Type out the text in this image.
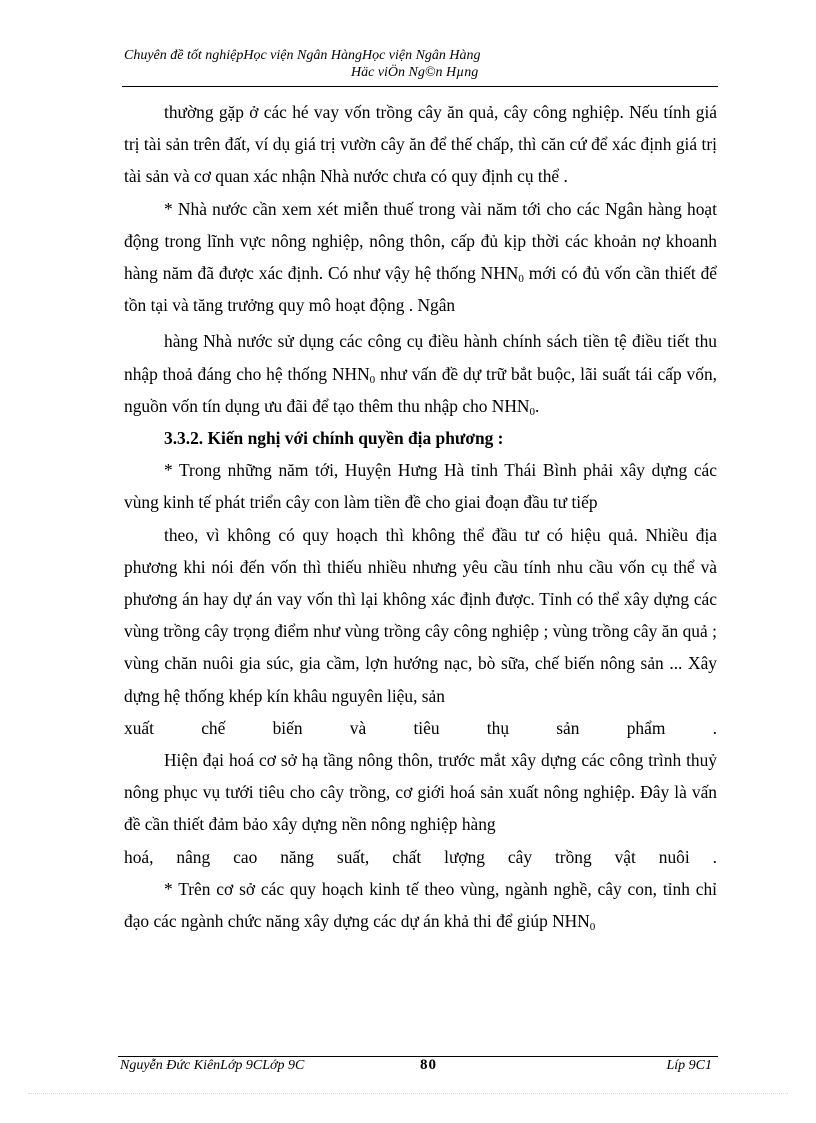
Chuyên đề tốt nghiệpHọc viện Ngân HàngHọc viện Ngân Hàng
Häc viÖn Ng©n Hµng

thường gặp ở các hé vay vốn trồng cây ăn quả, cây công nghiệp. Nếu tính giá trị tài sản trên đất, ví dụ giá trị vườn cây ăn để thế chấp, thì căn cứ để xác định giá trị tài sản và cơ quan xác nhận Nhà nước chưa có quy định cụ thể .

* Nhà nước cần xem xét miễn thuế trong vài năm tới cho các Ngân hàng hoạt động trong lĩnh vực nông nghiệp, nông thôn, cấp đủ kịp thời các khoản nợ khoanh hàng năm đã được xác định. Có như vậy hệ thống $NHN_0$ mới có đủ vốn cần thiết để tồn tại và tăng trưởng quy mô hoạt động . Ngân

hàng Nhà nước sử dụng các công cụ điều hành chính sách tiền tệ điều tiết thu nhập thoả đáng cho hệ thống $NHN_0$ như vấn đề dự trữ bắt buộc, lãi suất tái cấp vốn, nguồn vốn tín dụng ưu đãi để tạo thêm thu nhập cho $NHN_0$.

3.3.2. Kiến nghị với chính quyền địa phương :

* Trong những năm tới, Huyện Hưng Hà tỉnh Thái Bình phải xây dựng các vùng kinh tế phát triển cây con làm tiền đề cho giai đoạn đầu tư tiếp

theo, vì không có quy hoạch thì không thể đầu tư có hiệu quả. Nhiều địa phương khi nói đến vốn thì thiếu nhiều nhưng yêu cầu tính nhu cầu vốn cụ thể và phương án hay dự án vay vốn thì lại không xác định được. Tỉnh có thể xây dựng các vùng trồng cây trọng điểm như vùng trồng cây công nghiệp ; vùng trồng cây ăn quả ; vùng chăn nuôi gia súc, gia cầm, lợn hướng nạc, bò sữa, chế biến nông sản ... Xây dựng hệ thống khép kín khâu nguyên liệu, sản

xuất	chế	biến	và	tiêu	thụ	sản	phẩm	.

Hiện đại hoá cơ sở hạ tầng nông thôn, trước mắt xây dựng các công trình thuỷ nông phục vụ tưới tiêu cho cây trồng, cơ giới hoá sản xuất nông nghiệp. Đây là vấn đề cần thiết đảm bảo xây dựng nền nông nghiệp hàng

hoá, nâng cao năng suất, chất lượng cây trồng vật nuôi .

* Trên cơ sở các quy hoạch kinh tế theo vùng, ngành nghề, cây con, tỉnh chỉ đạo các ngành chức năng xây dựng các dự án khả thi để giúp $NHN_0$

Nguyễn Đức KiênLớp 9CLớp 9C	80	Líp 9C1
